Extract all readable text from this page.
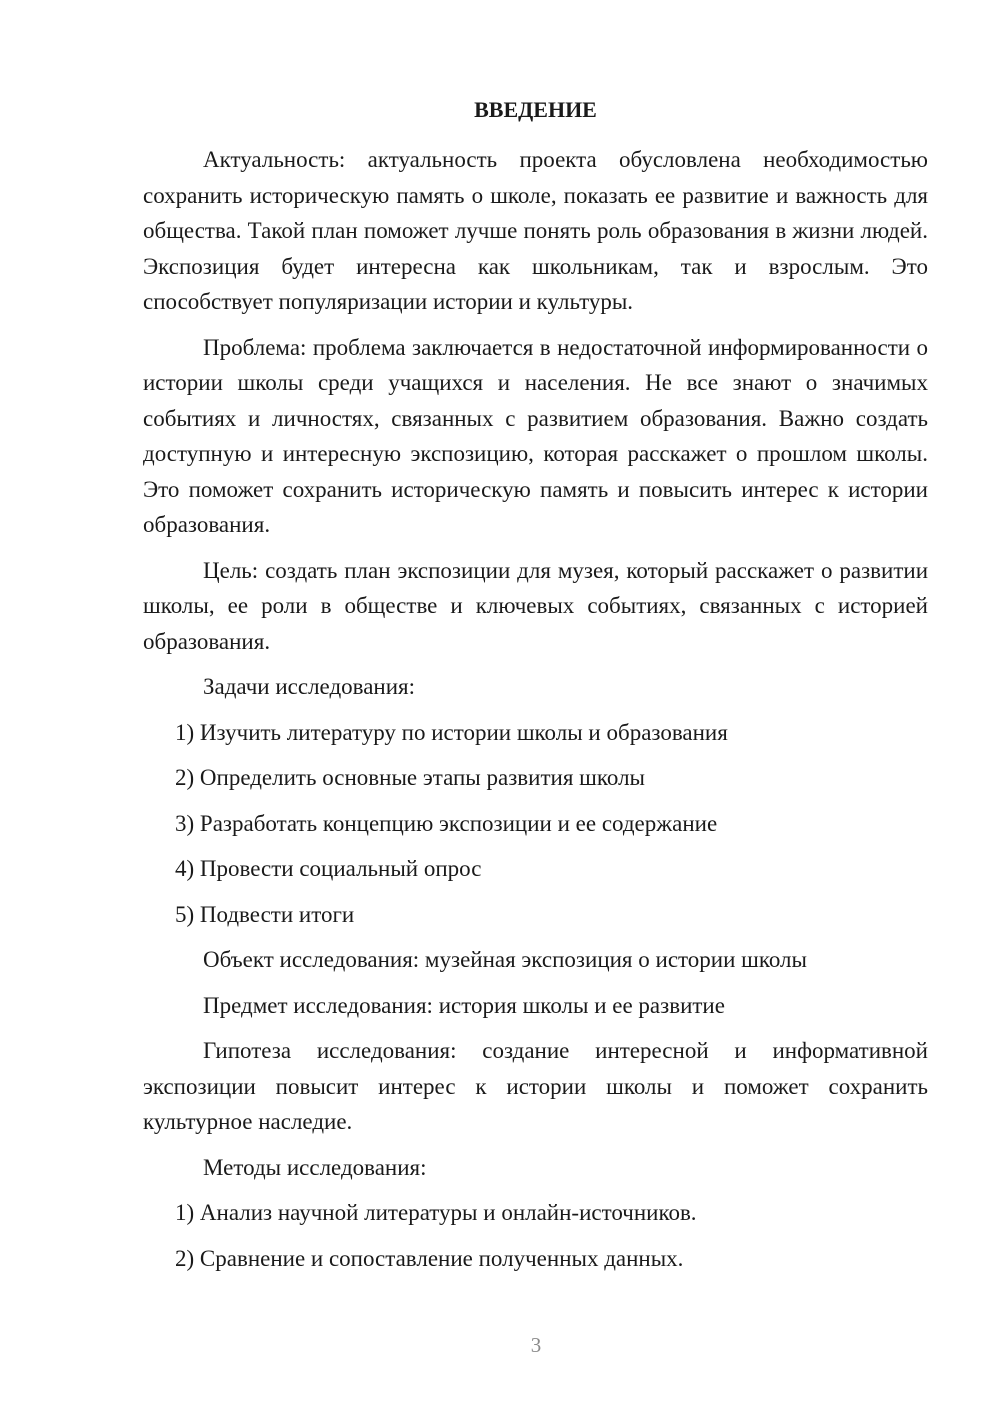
ВВЕДЕНИЕ

Актуальность: актуальность проекта обусловлена необходимостью сохранить историческую память о школе, показать ее развитие и важность для общества. Такой план поможет лучше понять роль образования в жизни людей. Экспозиция будет интересна как школьникам, так и взрослым. Это способствует популяризации истории и культуры.

Проблема: проблема заключается в недостаточной информированности о истории школы среди учащихся и населения. Не все знают о значимых событиях и личностях, связанных с развитием образования. Важно создать доступную и интересную экспозицию, которая расскажет о прошлом школы. Это поможет сохранить историческую память и повысить интерес к истории образования.

Цель: создать план экспозиции для музея, который расскажет о развитии школы, ее роли в обществе и ключевых событиях, связанных с историей образования.

Задачи исследования:
1) Изучить литературу по истории школы и образования
2) Определить основные этапы развития школы
3) Разработать концепцию экспозиции и ее содержание
4) Провести социальный опрос
5) Подвести итоги
Объект исследования: музейная экспозиция о истории школы
Предмет исследования: история школы и ее развитие

Гипотеза исследования: создание интересной и информативной экспозиции повысит интерес к истории школы и поможет сохранить культурное наследие.

Методы исследования:
1) Анализ научной литературы и онлайн-источников.
2) Сравнение и сопоставление полученных данных.
3
